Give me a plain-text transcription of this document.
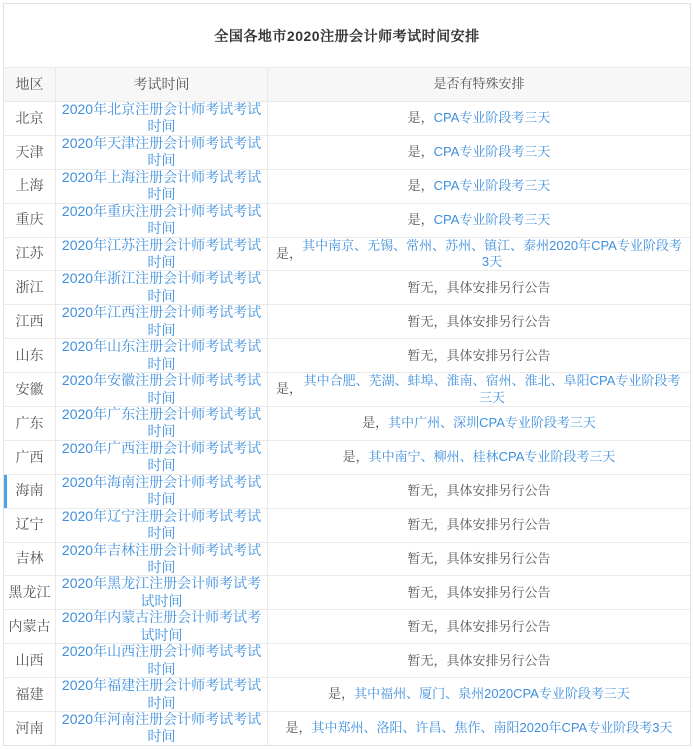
全国各地市2020注册会计师考试时间安排
地区	考试时间	是否有特殊安排
北京
2020年北京注册会计师考试考试时间
是， CPA专业阶段考三天
天津
2020年天津注册会计师考试考试时间
是， CPA专业阶段考三天
上海
2020年上海注册会计师考试考试时间
是， CPA专业阶段考三天
重庆
2020年重庆注册会计师考试考试时间
是， CPA专业阶段考三天
江苏
2020年江苏注册会计师考试考试时间
是，
其中南京、无锡、常州、苏州、镇江、泰州2020年CPA专业阶段考3天
浙江
2020年浙江注册会计师考试考试时间
暂无，具体安排另行公告
江西
2020年江西注册会计师考试考试时间
暂无，具体安排另行公告
山东
2020年山东注册会计师考试考试时间
暂无，具体安排另行公告
安徽
2020年安徽注册会计师考试考试时间
是，
其中合肥、芜湖、蚌埠、淮南、宿州、淮北、阜阳CPA专业阶段考三天
广东
2020年广东注册会计师考试考试时间
是， 其中广州、深圳CPA专业阶段考三天
广西
2020年广西注册会计师考试考试时间
是， 其中南宁、柳州、桂林CPA专业阶段考三天
海南
2020年海南注册会计师考试考试时间
暂无，具体安排另行公告
辽宁
2020年辽宁注册会计师考试考试时间
暂无，具体安排另行公告
吉林
2020年吉林注册会计师考试考试时间
暂无，具体安排另行公告
黑龙江
2020年黑龙江注册会计师考试考试时间
暂无，具体安排另行公告
内蒙古
2020年内蒙古注册会计师考试考试时间
暂无，具体安排另行公告
山西
2020年山西注册会计师考试考试时间
暂无，具体安排另行公告
福建
2020年福建注册会计师考试考试时间
是， 其中福州、厦门、泉州2020CPA专业阶段考三天
河南
2020年河南注册会计师考试考试时间
是， 其中郑州、洛阳、许昌、焦作、南阳2020年CPA专业阶段考3天
